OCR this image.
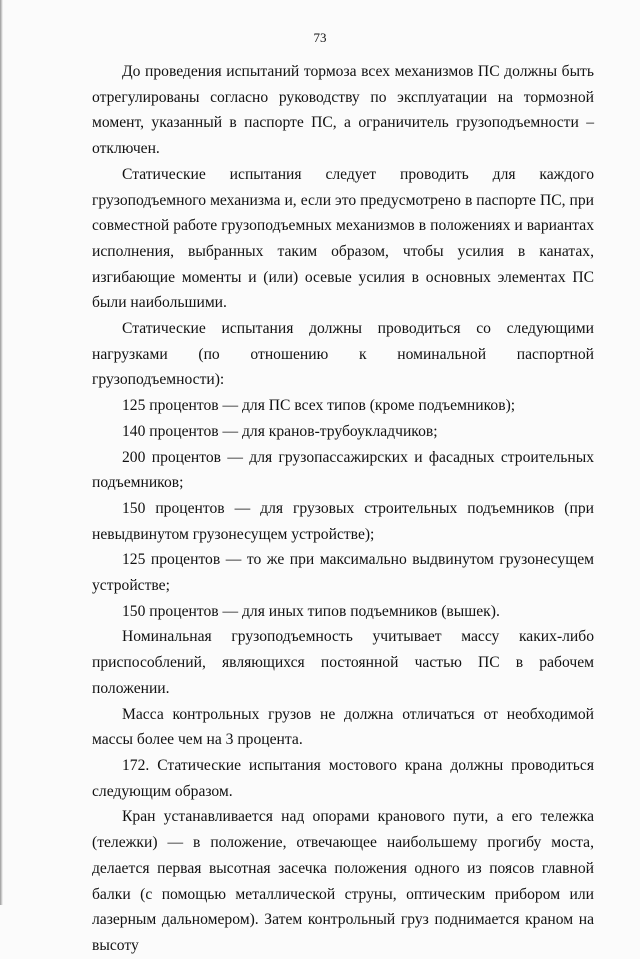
73

До проведения испытаний тормоза всех механизмов ПС должны быть отрегулированы согласно руководству по эксплуатации на тормозной момент, указанный в паспорте ПС, а ограничитель грузоподъемности – отключен.

Статические испытания следует проводить для каждого грузоподъемного механизма и, если это предусмотрено в паспорте ПС, при совместной работе грузоподъемных механизмов в положениях и вариантах исполнения, выбранных таким образом, чтобы усилия в канатах, изгибающие моменты и (или) осевые усилия в основных элементах ПС были наибольшими.

Статические испытания должны проводиться со следующими нагрузками (по отношению к номинальной паспортной грузоподъемности):

125 процентов — для ПС всех типов (кроме подъемников);

140 процентов — для кранов-трубоукладчиков;

200 процентов — для грузопассажирских и фасадных строительных подъемников;

150 процентов — для грузовых строительных подъемников (при невыдвинутом грузонесущем устройстве);

125 процентов — то же при максимально выдвинутом грузонесущем устройстве;

150 процентов — для иных типов подъемников (вышек).

Номинальная грузоподъемность учитывает массу каких-либо приспособлений, являющихся постоянной частью ПС в рабочем положении.

Масса контрольных грузов не должна отличаться от необходимой массы более чем на 3 процента.

172. Статические испытания мостового крана должны проводиться следующим образом.

Кран устанавливается над опорами кранового пути, а его тележка (тележки) — в положение, отвечающее наибольшему прогибу моста, делается первая высотная засечка положения одного из поясов главной балки (с помощью металлической струны, оптическим прибором или лазерным дальномером). Затем контрольный груз поднимается краном на высоту
